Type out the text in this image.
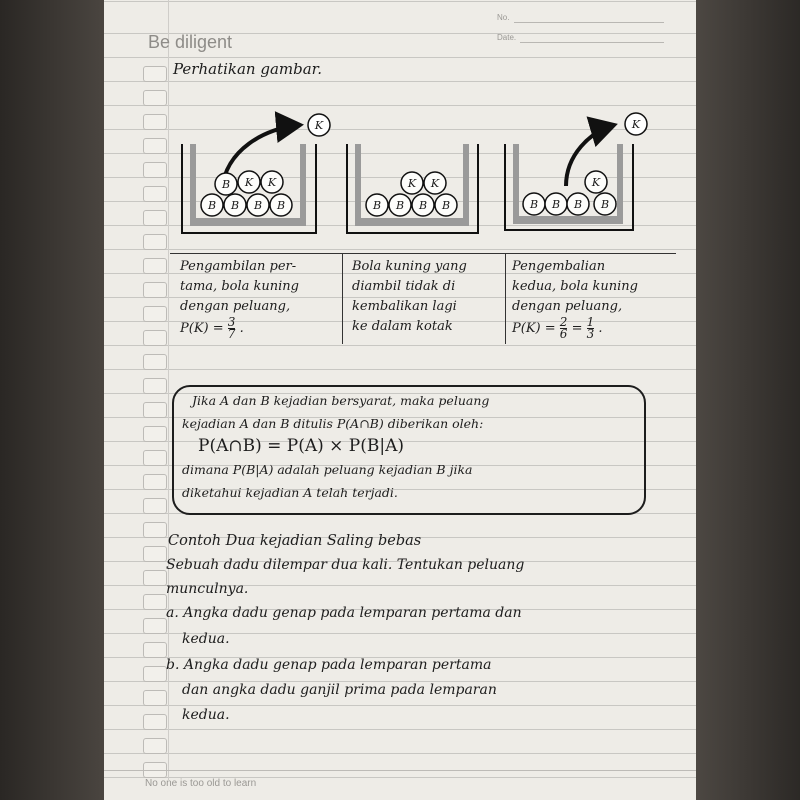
Be diligent
No.
Date.
Perhatikan gambar.
K	K
B B B B
B K K
B B B B
K K
B B B B
K
Pengambilan per-
tama, bola kuning
dengan peluang,
$P(K) = \frac{3}{7}$ .
Bola kuning yang
diambil tidak di
kembalikan lagi
ke dalam kotak
Pengembalian
kedua, bola kuning
dengan peluang,
$P(K) = \frac{2}{6} = \frac{1}{3}$ .
Jika A dan B kejadian bersyarat, maka peluang
kejadian A dan B ditulis P(A∩B) diberikan oleh:
P(A∩B) = P(A) × P(B|A)
dimana P(B|A) adalah peluang kejadian B jika
diketahui kejadian A telah terjadi.
Contoh Dua kejadian Saling bebas
Sebuah dadu dilempar dua kali. Tentukan peluang
munculnya.
a. Angka dadu genap pada lemparan pertama dan
kedua.
b. Angka dadu genap pada lemparan pertama
dan angka dadu ganjil prima pada lemparan
kedua.
No one is too old to learn
